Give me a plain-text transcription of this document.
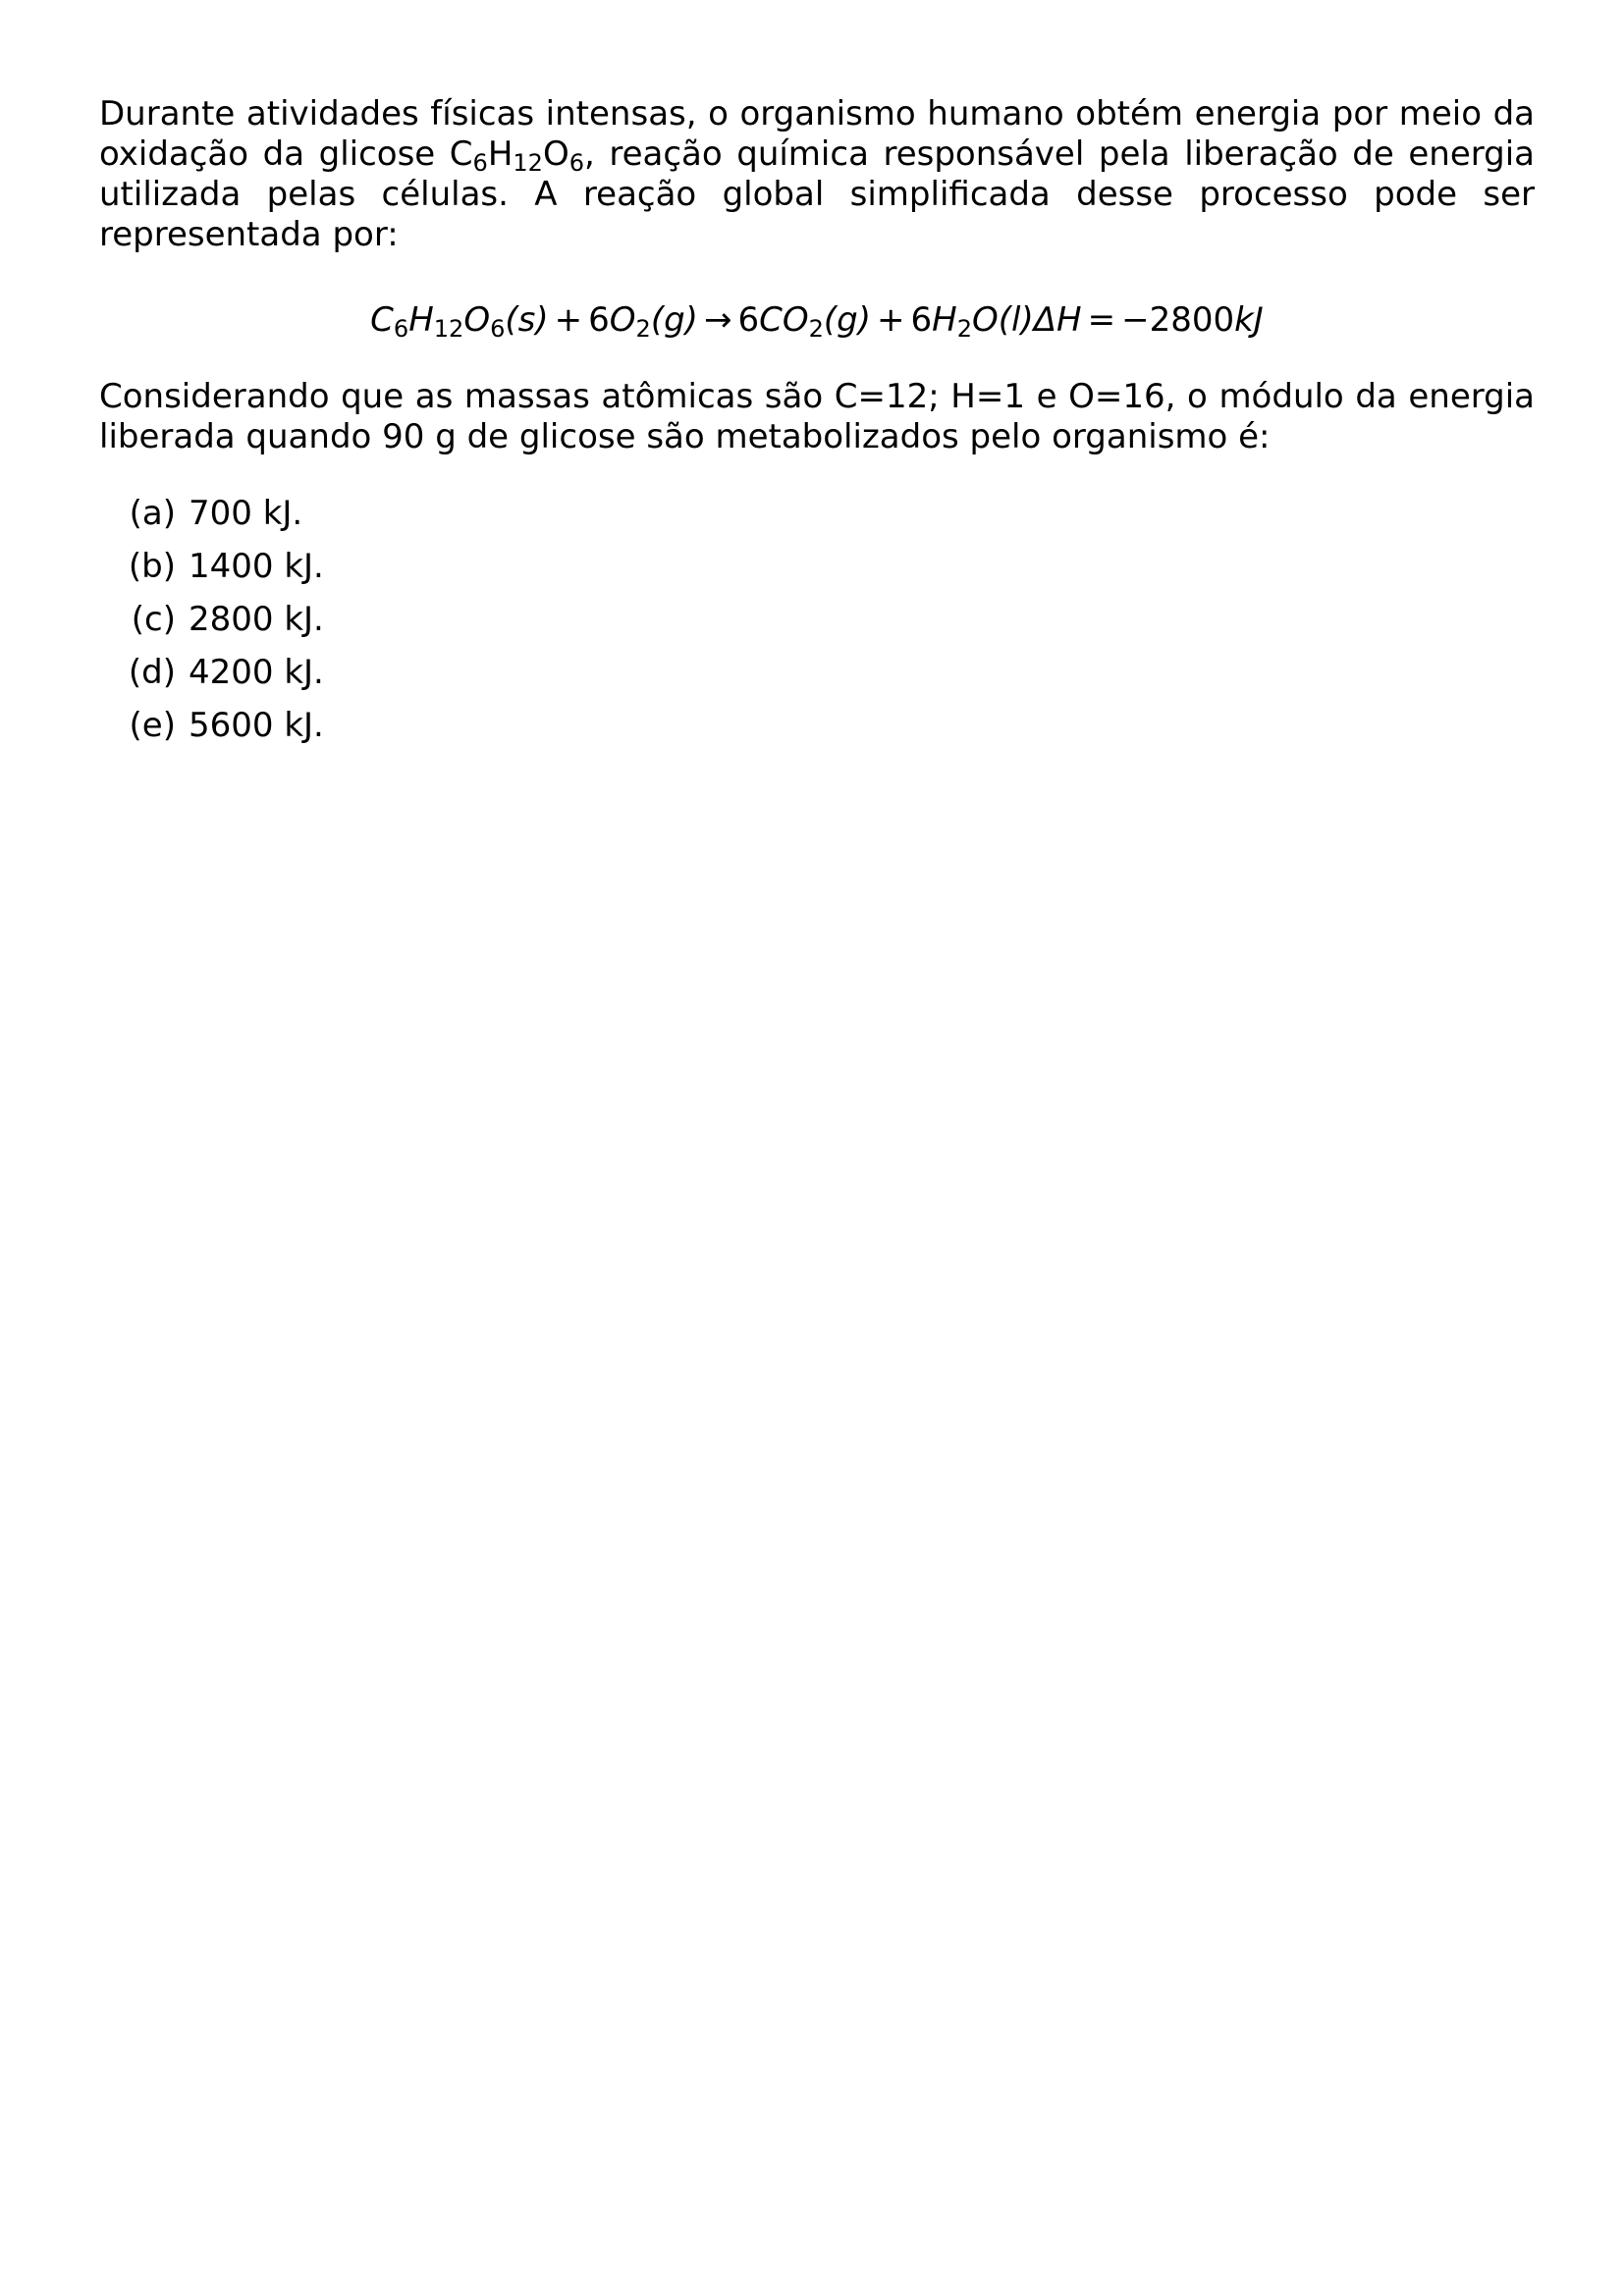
Durante atividades físicas intensas, o organismo humano obtém energia por meio da oxidação da glicose $C_6H_{12}O_6$, reação química responsável pela liberação de energia utilizada pelas células. A reação global simplificada desse processo pode ser representada por:

$C_6H_{12}O_6(s) + 6O_2(g) \to 6CO_2(g) + 6H_2O(l)\Delta H = -2800kJ$

Considerando que as massas atômicas são C=12; H=1 e O=16, o módulo da energia liberada quando 90 g de glicose são metabolizados pelo organismo é:

(a) 700 kJ.
(b) 1400 kJ.
(c) 2800 kJ.
(d) 4200 kJ.
(e) 5600 kJ.
